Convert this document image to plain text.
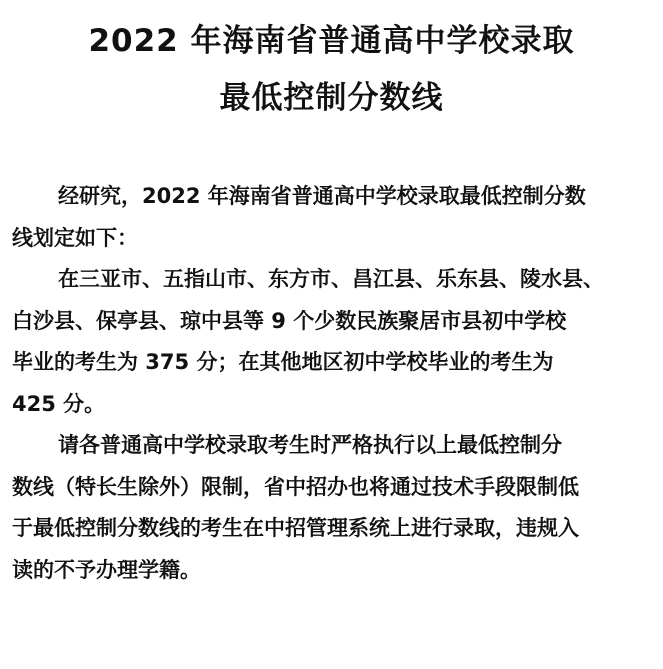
2022 年海南省普通高中学校录取
最低控制分数线
经研究，2022 年海南省普通高中学校录取最低控制分数
线划定如下：
在三亚市、五指山市、东方市、昌江县、乐东县、陵水县、
白沙县、保亭县、琼中县等 9 个少数民族聚居市县初中学校
毕业的考生为 375 分；在其他地区初中学校毕业的考生为
425 分。
请各普通高中学校录取考生时严格执行以上最低控制分
数线（特长生除外）限制，省中招办也将通过技术手段限制低
于最低控制分数线的考生在中招管理系统上进行录取，违规入
读的不予办理学籍。
